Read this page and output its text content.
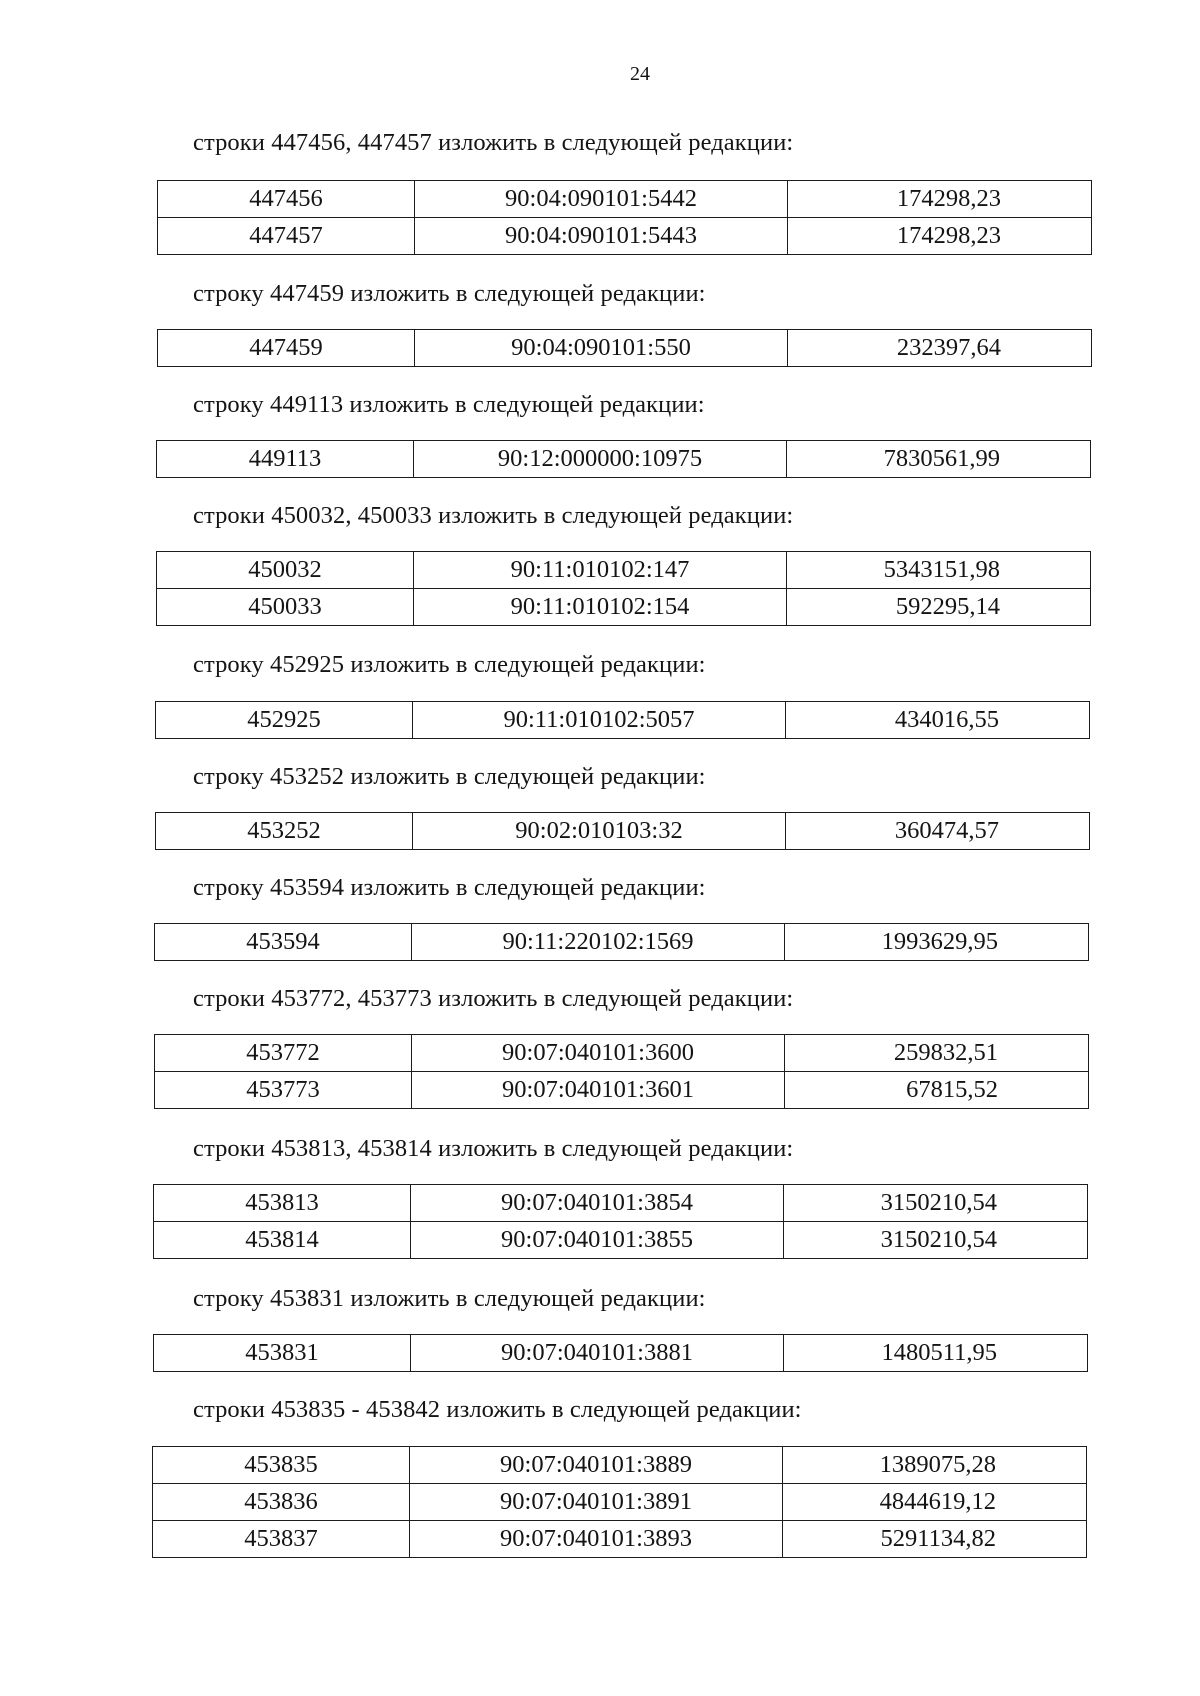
24
строки 447456, 447457 изложить в следующей редакции:
447456	90:04:090101:5442	174298,23
447457	90:04:090101:5443	174298,23
строку 447459 изложить в следующей редакции:
447459	90:04:090101:550	232397,64
строку 449113 изложить в следующей редакции:
449113	90:12:000000:10975	7830561,99
строки 450032, 450033 изложить в следующей редакции:
450032	90:11:010102:147	5343151,98
450033	90:11:010102:154	592295,14
строку 452925 изложить в следующей редакции:
452925	90:11:010102:5057	434016,55
строку 453252 изложить в следующей редакции:
453252	90:02:010103:32	360474,57
строку 453594 изложить в следующей редакции:
453594	90:11:220102:1569	1993629,95
строки 453772, 453773 изложить в следующей редакции:
453772	90:07:040101:3600	259832,51
453773	90:07:040101:3601	67815,52
строки 453813, 453814 изложить в следующей редакции:
453813	90:07:040101:3854	3150210,54
453814	90:07:040101:3855	3150210,54
строку 453831 изложить в следующей редакции:
453831	90:07:040101:3881	1480511,95
строки 453835 - 453842 изложить в следующей редакции:
453835	90:07:040101:3889	1389075,28
453836	90:07:040101:3891	4844619,12
453837	90:07:040101:3893	5291134,82
